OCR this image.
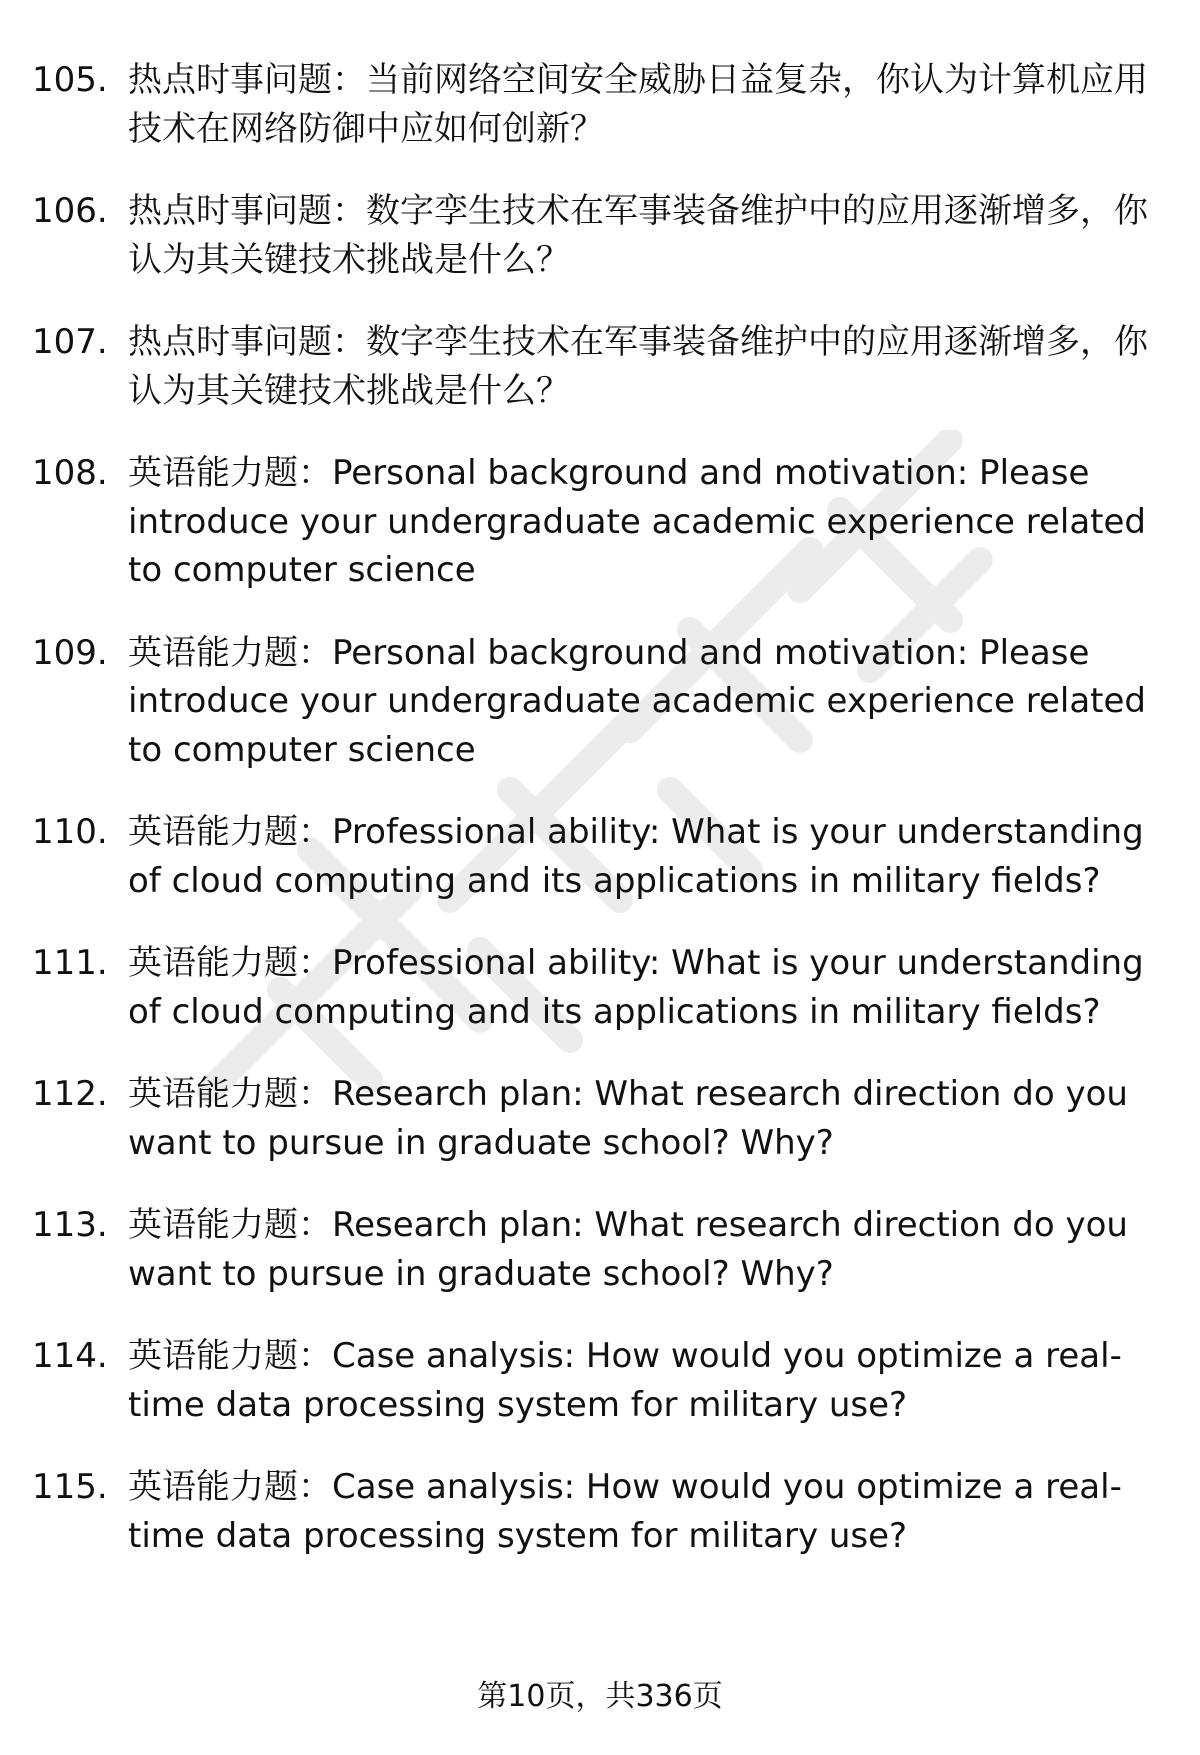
105. 热点时事问题：当前网络空间安全威胁日益复杂，你认为计算机应用技术在网络防御中应如何创新？
106. 热点时事问题：数字孪生技术在军事装备维护中的应用逐渐增多，你认为其关键技术挑战是什么？
107. 热点时事问题：数字孪生技术在军事装备维护中的应用逐渐增多，你认为其关键技术挑战是什么？
108. 英语能力题：Personal background and motivation: Please introduce your undergraduate academic experience related to computer science
109. 英语能力题：Personal background and motivation: Please introduce your undergraduate academic experience related to computer science
110. 英语能力题：Professional ability: What is your understanding of cloud computing and its applications in military fields?
111. 英语能力题：Professional ability: What is your understanding of cloud computing and its applications in military fields?
112. 英语能力题：Research plan: What research direction do you want to pursue in graduate school? Why?
113. 英语能力题：Research plan: What research direction do you want to pursue in graduate school? Why?
114. 英语能力题：Case analysis: How would you optimize a real-time data processing system for military use?
115. 英语能力题：Case analysis: How would you optimize a real-time data processing system for military use?
第10页，共336页
